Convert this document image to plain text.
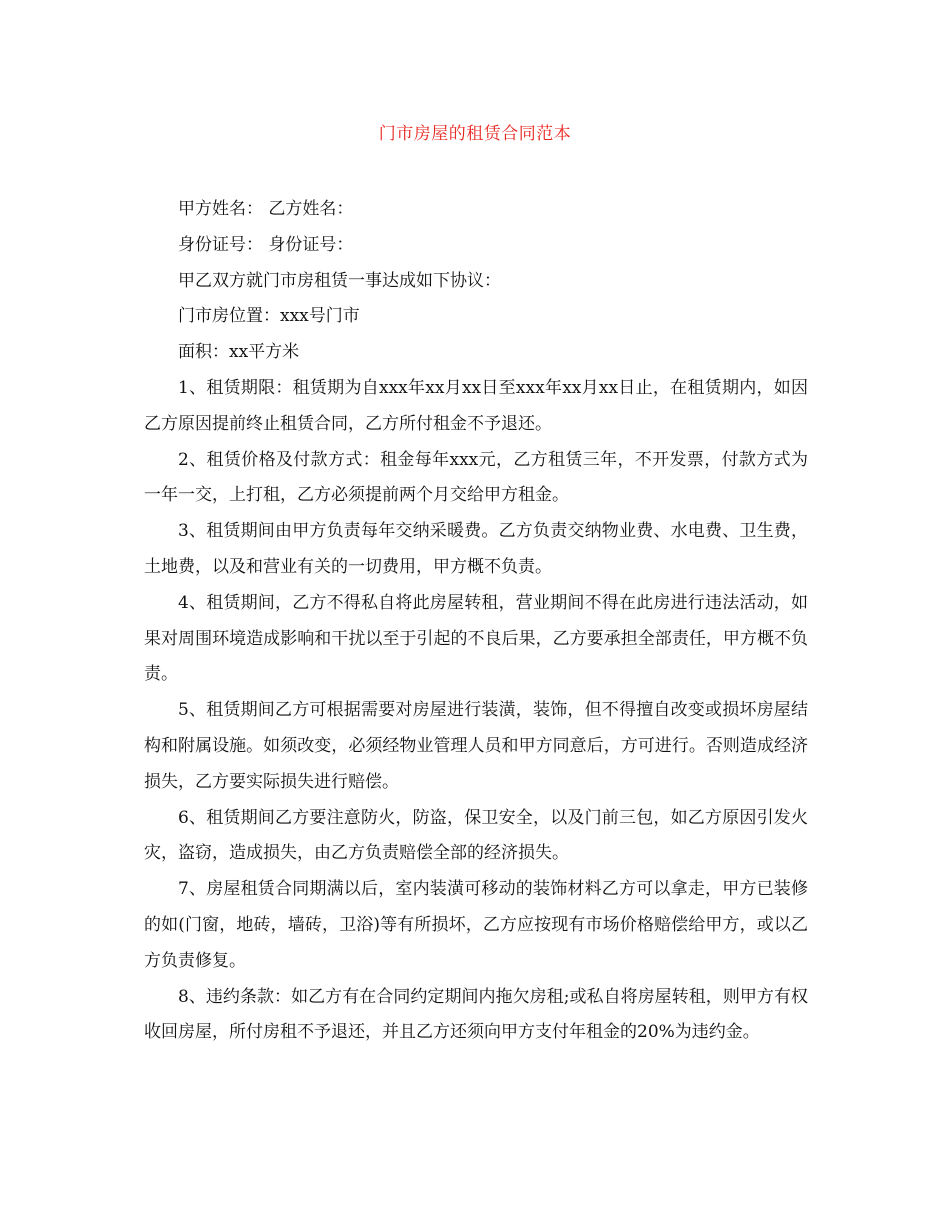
门市房屋的租赁合同范本

甲方姓名： 乙方姓名：

身份证号： 身份证号：

甲乙双方就门市房租赁一事达成如下协议：

门市房位置：xxx号门市

面积：xx平方米

1、租赁期限：租赁期为自xxx年xx月xx日至xxx年xx月xx日止，在租赁期内，如因乙方原因提前终止租赁合同，乙方所付租金不予退还。

2、租赁价格及付款方式：租金每年xxx元，乙方租赁三年，不开发票，付款方式为一年一交，上打租，乙方必须提前两个月交给甲方租金。

3、租赁期间由甲方负责每年交纳采暖费。乙方负责交纳物业费、水电费、卫生费，土地费，以及和营业有关的一切费用，甲方概不负责。

4、租赁期间，乙方不得私自将此房屋转租，营业期间不得在此房进行违法活动，如果对周围环境造成影响和干扰以至于引起的不良后果，乙方要承担全部责任，甲方概不负责。

5、租赁期间乙方可根据需要对房屋进行装潢，装饰，但不得擅自改变或损坏房屋结构和附属设施。如须改变，必须经物业管理人员和甲方同意后，方可进行。否则造成经济损失，乙方要实际损失进行赔偿。

6、租赁期间乙方要注意防火，防盗，保卫安全，以及门前三包，如乙方原因引发火灾，盗窃，造成损失，由乙方负责赔偿全部的经济损失。

7、房屋租赁合同期满以后，室内装潢可移动的装饰材料乙方可以拿走，甲方已装修的如(门窗，地砖，墙砖，卫浴)等有所损坏，乙方应按现有市场价格赔偿给甲方，或以乙方负责修复。

8、违约条款：如乙方有在合同约定期间内拖欠房租;或私自将房屋转租，则甲方有权收回房屋，所付房租不予退还，并且乙方还须向甲方支付年租金的20%为违约金。
